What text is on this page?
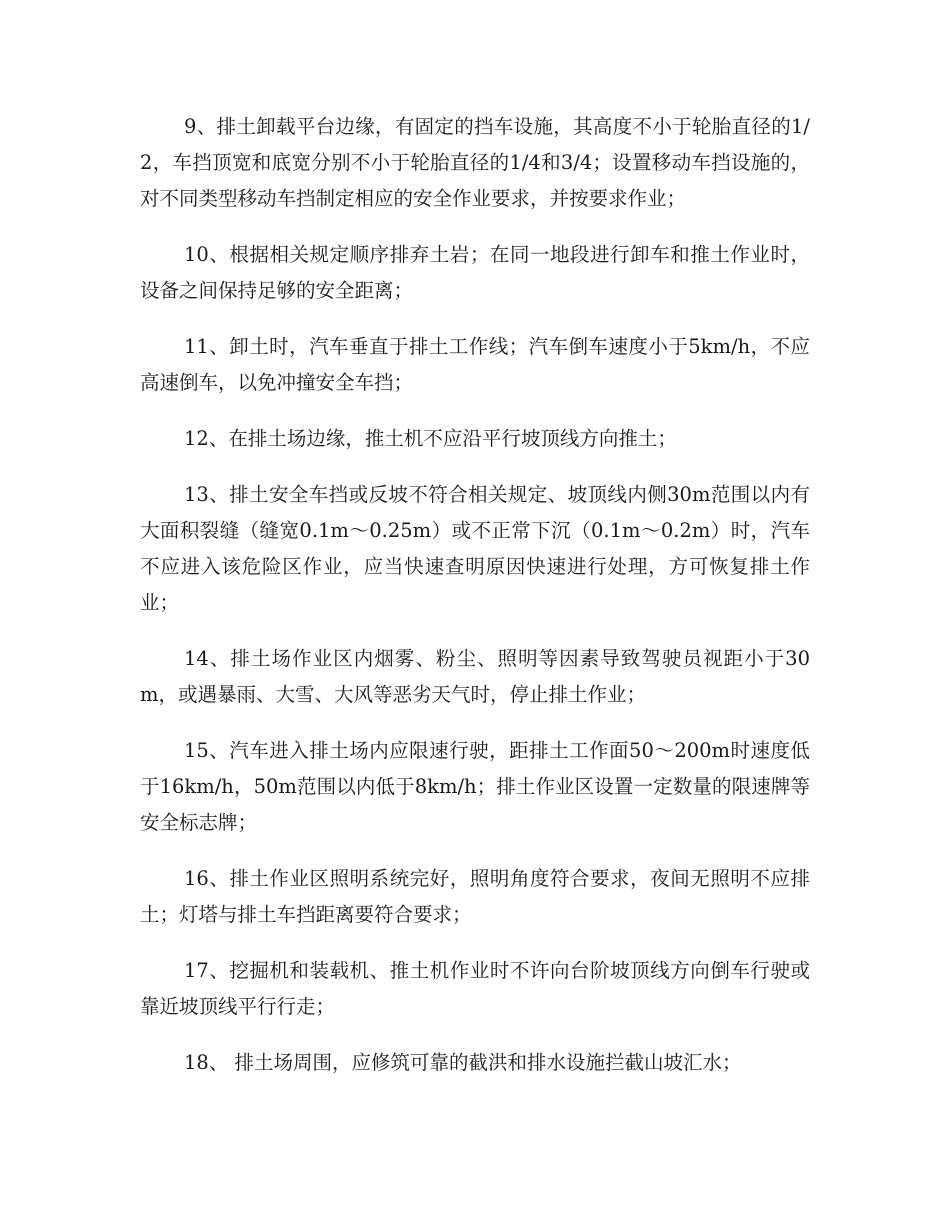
9、排土卸载平台边缘，有固定的挡车设施，其高度不小于轮胎直径的1/2，车挡顶宽和底宽分别不小于轮胎直径的1/4和3/4；设置移动车挡设施的，对不同类型移动车挡制定相应的安全作业要求，并按要求作业；

10、根据相关规定顺序排弃土岩；在同一地段进行卸车和推土作业时，设备之间保持足够的安全距离；

11、卸土时，汽车垂直于排土工作线；汽车倒车速度小于5km/h，不应高速倒车，以免冲撞安全车挡；

12、在排土场边缘，推土机不应沿平行坡顶线方向推土；

13、排土安全车挡或反坡不符合相关规定、坡顶线内侧30m范围以内有大面积裂缝（缝宽0.1m～0.25m）或不正常下沉（0.1m～0.2m）时，汽车不应进入该危险区作业，应当快速查明原因快速进行处理，方可恢复排土作业；

14、排土场作业区内烟雾、粉尘、照明等因素导致驾驶员视距小于30m，或遇暴雨、大雪、大风等恶劣天气时，停止排土作业；

15、汽车进入排土场内应限速行驶，距排土工作面50～200m时速度低于16km/h，50m范围以内低于8km/h；排土作业区设置一定数量的限速牌等安全标志牌；

16、排土作业区照明系统完好，照明角度符合要求，夜间无照明不应排土；灯塔与排土车挡距离要符合要求；

17、挖掘机和装载机、推土机作业时不许向台阶坡顶线方向倒车行驶或靠近坡顶线平行行走；

18、 排土场周围，应修筑可靠的截洪和排水设施拦截山坡汇水；
